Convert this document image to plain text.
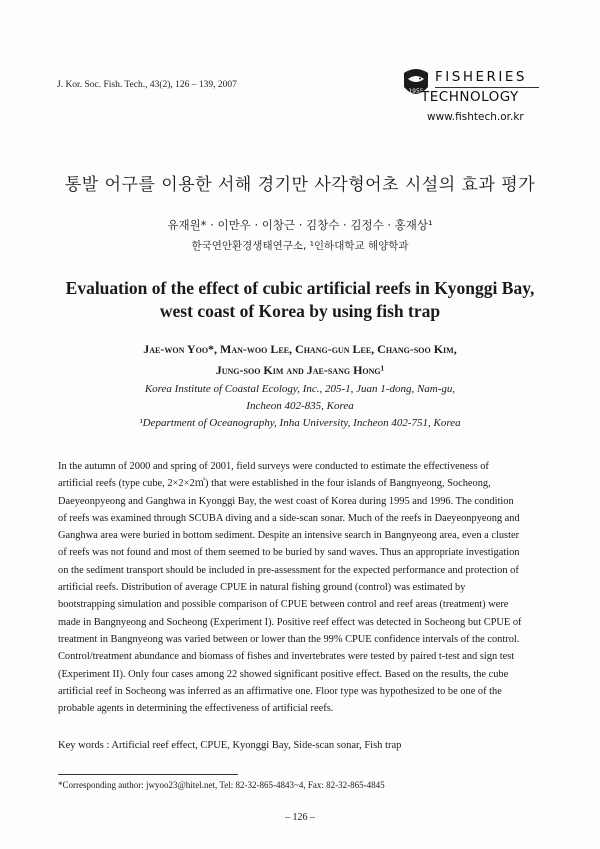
J. Kor. Soc. Fish. Tech., 43(2), 126 – 139, 2007
1955
FISHERIES
TECHNOLOGY
www.fishtech.or.kr
통발 어구를 이용한 서해 경기만 사각형어초 시설의 효과 평가
유재원* · 이만우 · 이창근 · 김창수 · 김정수 · 홍재상¹
한국연안환경생태연구소, ¹인하대학교 해양학과
Evaluation of the effect of cubic artificial reefs in Kyonggi Bay,
west coast of Korea by using fish trap
Jae-won Yoo*, Man-woo Lee, Chang-gun Lee, Chang-soo Kim,
Jung-soo Kim and Jae-sang Hong¹
Korea Institute of Coastal Ecology, Inc., 205-1, Juan 1-dong, Nam-gu,
Incheon 402-835, Korea
¹Department of Oceanography, Inha University, Incheon 402-751, Korea
In the autumn of 2000 and spring of 2001, field surveys were conducted to estimate the effectiveness of
artificial reefs (type cube, 2×2×2㎥) that were established in the four islands of Bangnyeong, Socheong,
Daeyeonpyeong and Ganghwa in Kyonggi Bay, the west coast of Korea during 1995 and 1996. The condition
of reefs was examined through SCUBA diving and a side-scan sonar. Much of the reefs in Daeyeonpyeong and
Ganghwa area were buried in bottom sediment. Despite an intensive search in Bangnyeong area, even a cluster
of reefs was not found and most of them seemed to be buried by sand waves. Thus an appropriate investigation
on the sediment transport should be included in pre-assessment for the expected performance and protection of
artificial reefs. Distribution of average CPUE in natural fishing ground (control) was estimated by
bootstrapping simulation and possible comparison of CPUE between control and reef areas (treatment) were
made in Bangnyeong and Socheong (Experiment I). Positive reef effect was detected in Socheong but CPUE of
treatment in Bangnyeong was varied between or lower than the 99% CPUE confidence intervals of the control.
Control/treatment abundance and biomass of fishes and invertebrates were tested by paired t-test and sign test
(Experiment II). Only four cases among 22 showed significant positive effect. Based on the results, the cube
artificial reef in Socheong was inferred as an affirmative one. Floor type was hypothesized to be one of the
probable agents in determining the effectiveness of artificial reefs.
Key words : Artificial reef effect, CPUE, Kyonggi Bay, Side-scan sonar, Fish trap
*Corresponding author: jwyoo23@hitel.net, Tel: 82-32-865-4843~4, Fax: 82-32-865-4845
– 126 –
